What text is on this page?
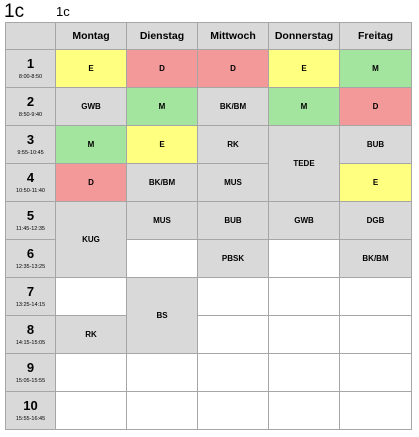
1c 1c
	Montag	Dienstag	Mittwoch	Donnerstag	Freitag

1
8:00-8:50	E	D	D	E	M

2
8:50-9:40	GWB	M	BK/BM	M	D

3
9:55-10:45	M	E	RK	TEDE	BUB

4
10:50-11:40	D	BK/BM	MUS		E

5
11:45-12:35	KUG	MUS	BUB	GWB	DGB

6
12:35-13:25			PBSK		BK/BM

7
13:25-14:15		BS			

8
14:15-15:05	RK				

9
15:05-15:55					

10
15:55-16:45					
